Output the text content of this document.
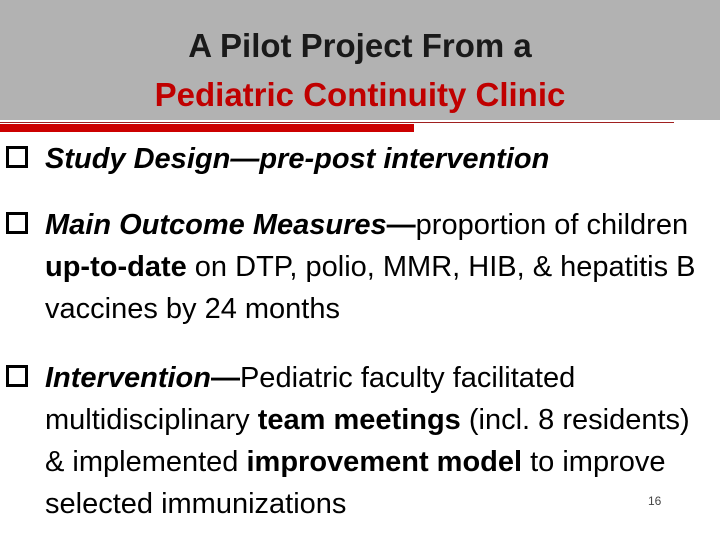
A Pilot Project From a
Pediatric Continuity Clinic
Study Design—pre-post intervention
Main Outcome Measures—proportion of children up-to-date on DTP, polio, MMR, HIB, & hepatitis B vaccines by 24 months
Intervention—Pediatric faculty facilitated multidisciplinary team meetings (incl. 8 residents) & implemented improvement model to improve selected immunizations	16
